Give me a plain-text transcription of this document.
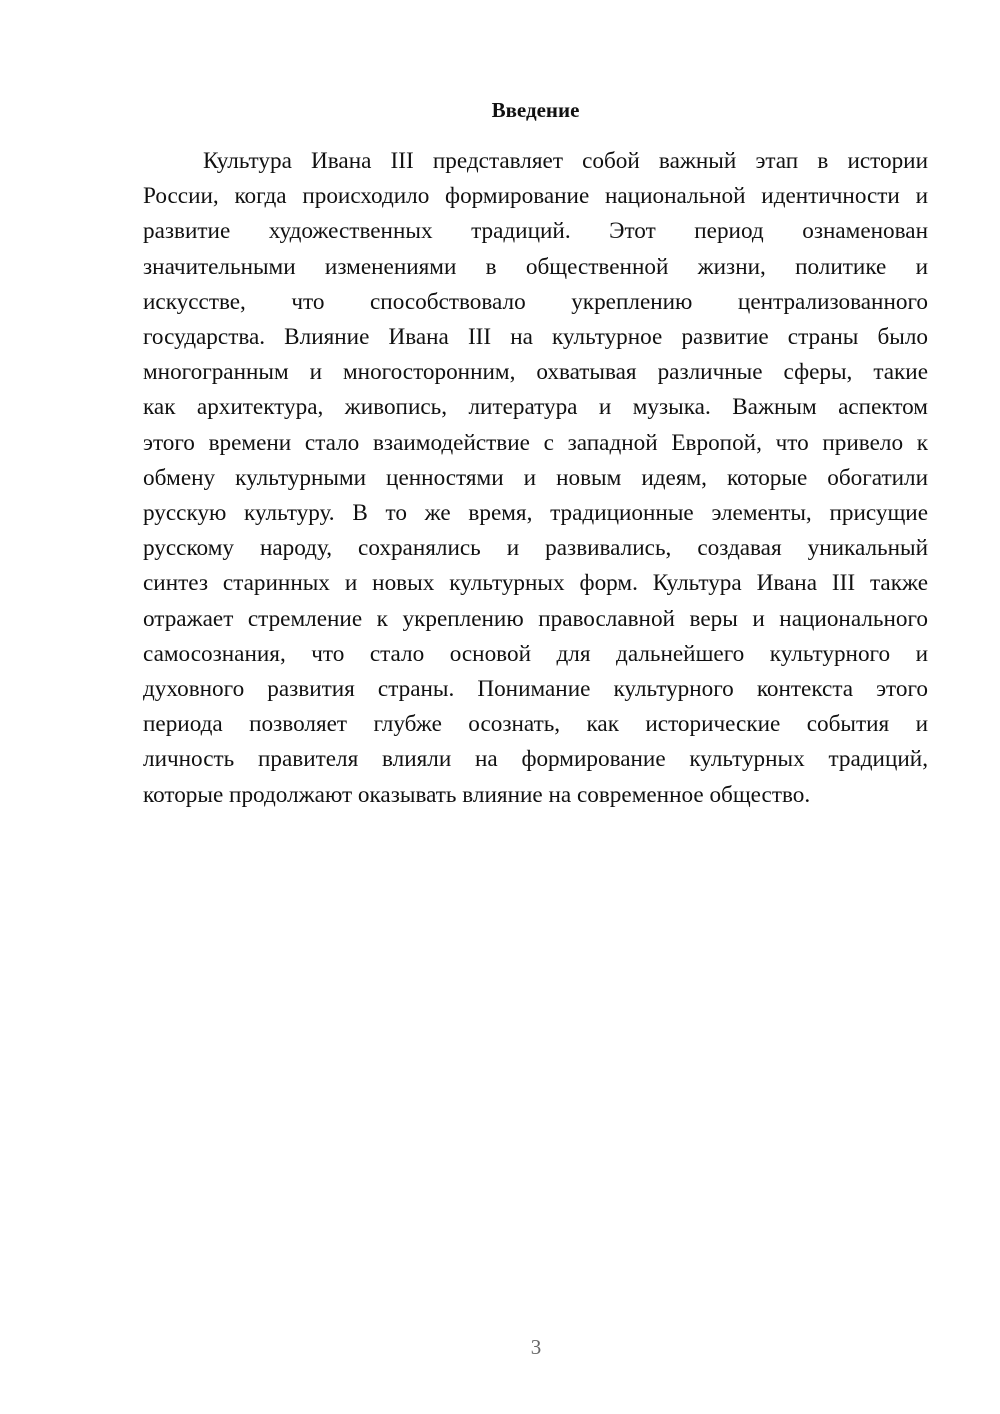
Введение
Культура Ивана III представляет собой важный этап в истории
России, когда происходило формирование национальной идентичности и
развитие художественных традиций. Этот период ознаменован
значительными изменениями в общественной жизни, политике и
искусстве, что способствовало укреплению централизованного
государства. Влияние Ивана III на культурное развитие страны было
многогранным и многосторонним, охватывая различные сферы, такие
как архитектура, живопись, литература и музыка. Важным аспектом
этого времени стало взаимодействие с западной Европой, что привело к
обмену культурными ценностями и новым идеям, которые обогатили
русскую культуру. В то же время, традиционные элементы, присущие
русскому народу, сохранялись и развивались, создавая уникальный
синтез старинных и новых культурных форм. Культура Ивана III также
отражает стремление к укреплению православной веры и национального
самосознания, что стало основой для дальнейшего культурного и
духовного развития страны. Понимание культурного контекста этого
периода позволяет глубже осознать, как исторические события и
личность правителя влияли на формирование культурных традиций,
которые продолжают оказывать влияние на современное общество.
3
